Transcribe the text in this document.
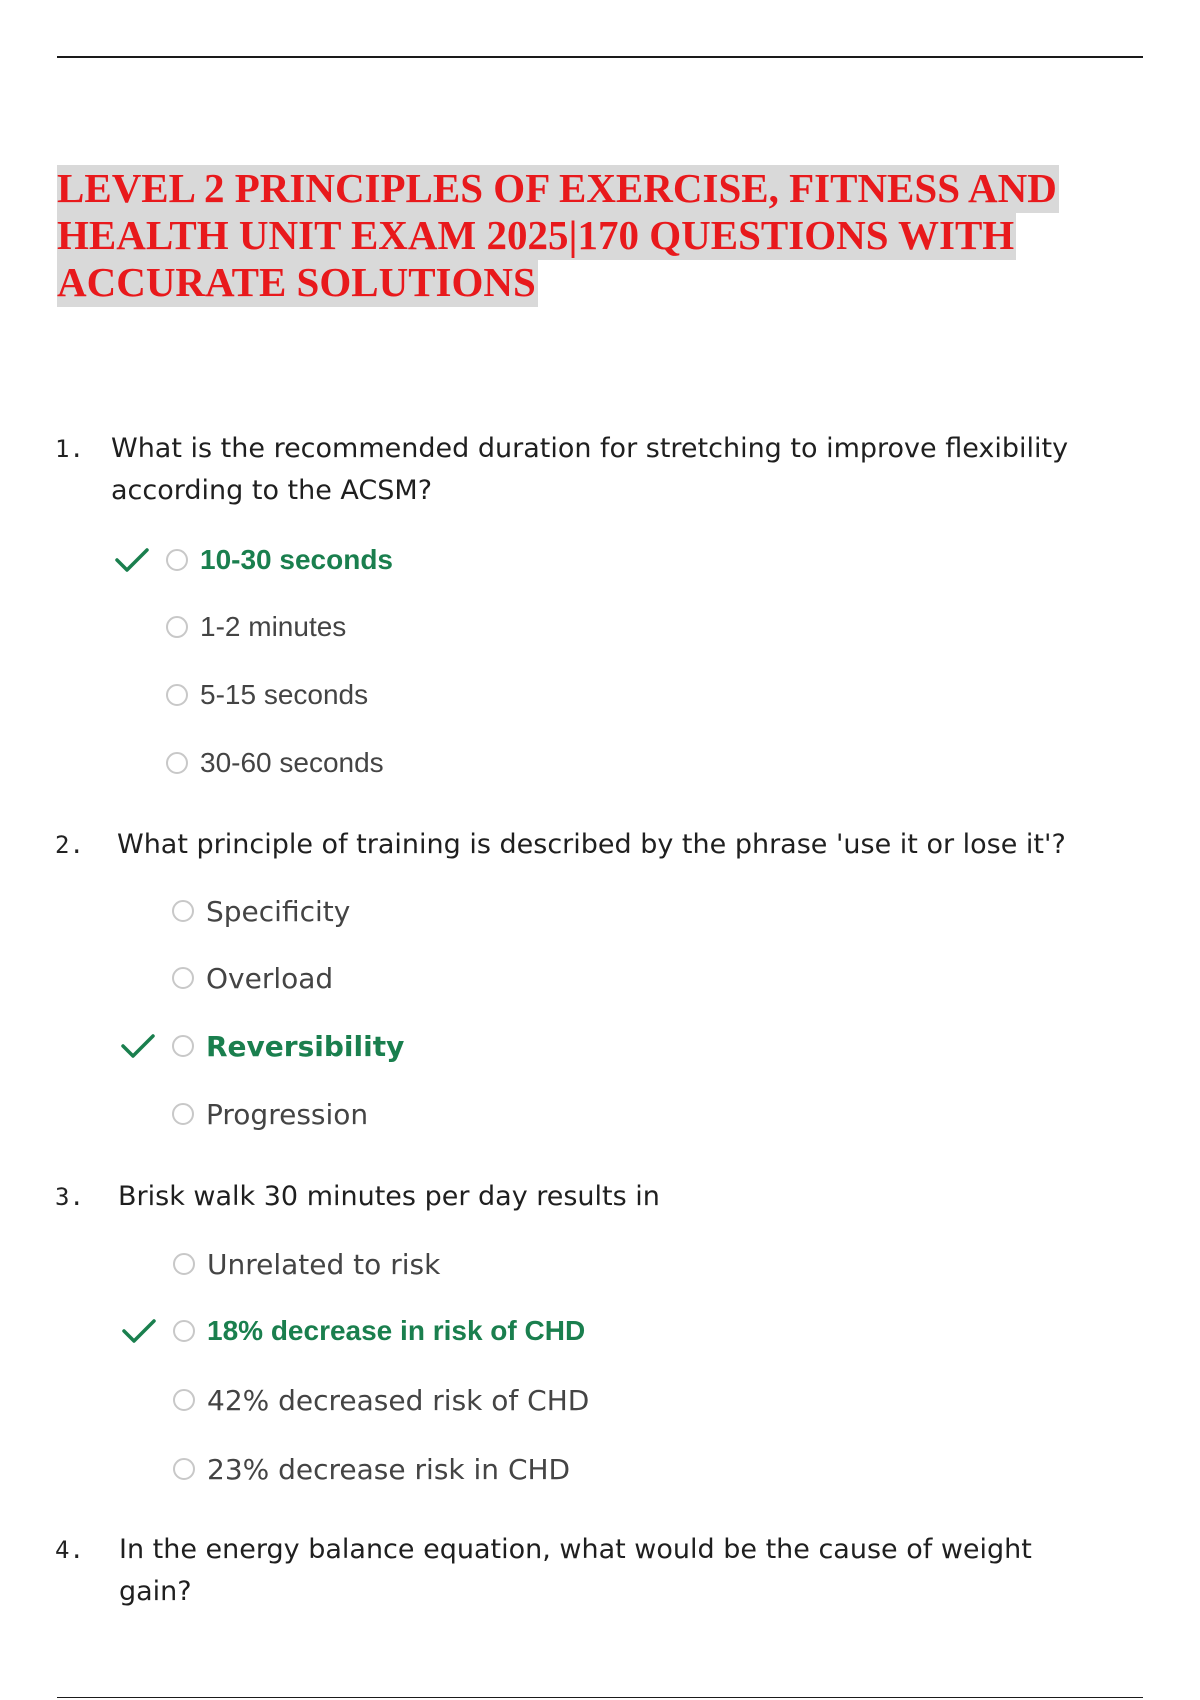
LEVEL 2 PRINCIPLES OF EXERCISE, FITNESS AND
HEALTH UNIT EXAM 2025|170 QUESTIONS WITH
ACCURATE SOLUTIONS
1. What is the recommended duration for stretching to improve flexibility according to the ACSM?
10-30 seconds
1-2 minutes
5-15 seconds
30-60 seconds
2. What principle of training is described by the phrase 'use it or lose it'?
Specificity
Overload
Reversibility
Progression
3. Brisk walk 30 minutes per day results in
Unrelated to risk
18% decrease in risk of CHD
42% decreased risk of CHD
23% decrease risk in CHD
4. In the energy balance equation, what would be the cause of weight gain?
